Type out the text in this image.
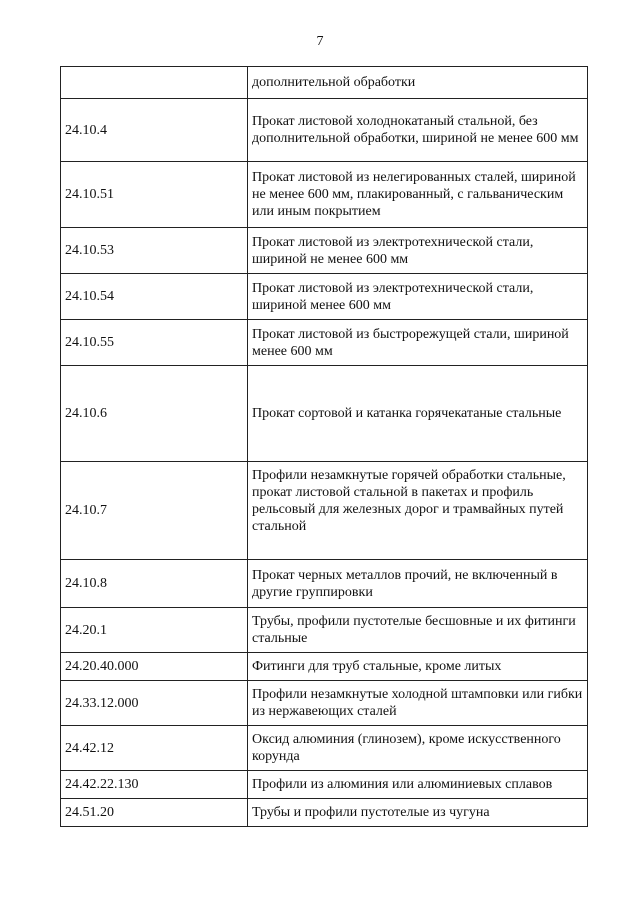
7
	дополнительной обработки
24.10.4	Прокат листовой холоднокатаный стальной, без дополнительной обработки, шириной не менее 600 мм
24.10.51	Прокат листовой из нелегированных сталей, шириной не менее 600 мм, плакированный, с гальваническим или иным покрытием
24.10.53	Прокат листовой из электротехнической стали, шириной не менее 600 мм
24.10.54	Прокат листовой из электротехнической стали, шириной менее 600 мм
24.10.55	Прокат листовой из быстрорежущей стали, шириной менее 600 мм
24.10.6	Прокат сортовой и катанка горячекатаные стальные
24.10.7	Профили незамкнутые горячей обработки стальные, прокат листовой стальной в пакетах и профиль рельсовый для железных дорог и трамвайных путей стальной
24.10.8	Прокат черных металлов прочий, не включенный в другие группировки
24.20.1	Трубы, профили пустотелые бесшовные и их фитинги стальные
24.20.40.000	Фитинги для труб стальные, кроме литых
24.33.12.000	Профили незамкнутые холодной штамповки или гибки из нержавеющих сталей
24.42.12	Оксид алюминия (глинозем), кроме искусственного корунда
24.42.22.130	Профили из алюминия или алюминиевых сплавов
24.51.20	Трубы и профили пустотелые из чугуна
